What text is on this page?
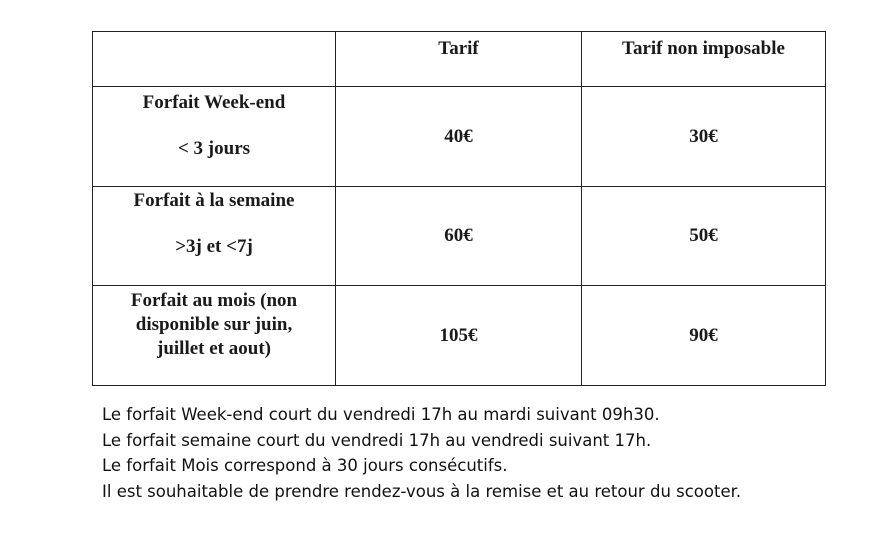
	Tarif	Tarif non imposable
Forfait Week-end
< 3 jours	40€	30€
Forfait à la semaine
>3j et <7j	60€	50€

Forfait au mois (non
disponible sur juin,
juillet et aout)	105€	90€
Le forfait Week-end court du vendredi 17h au mardi suivant 09h30.
Le forfait semaine court du vendredi 17h au vendredi suivant 17h.
Le forfait Mois correspond à 30 jours consécutifs.
Il est souhaitable de prendre rendez-vous à la remise et au retour du scooter.
